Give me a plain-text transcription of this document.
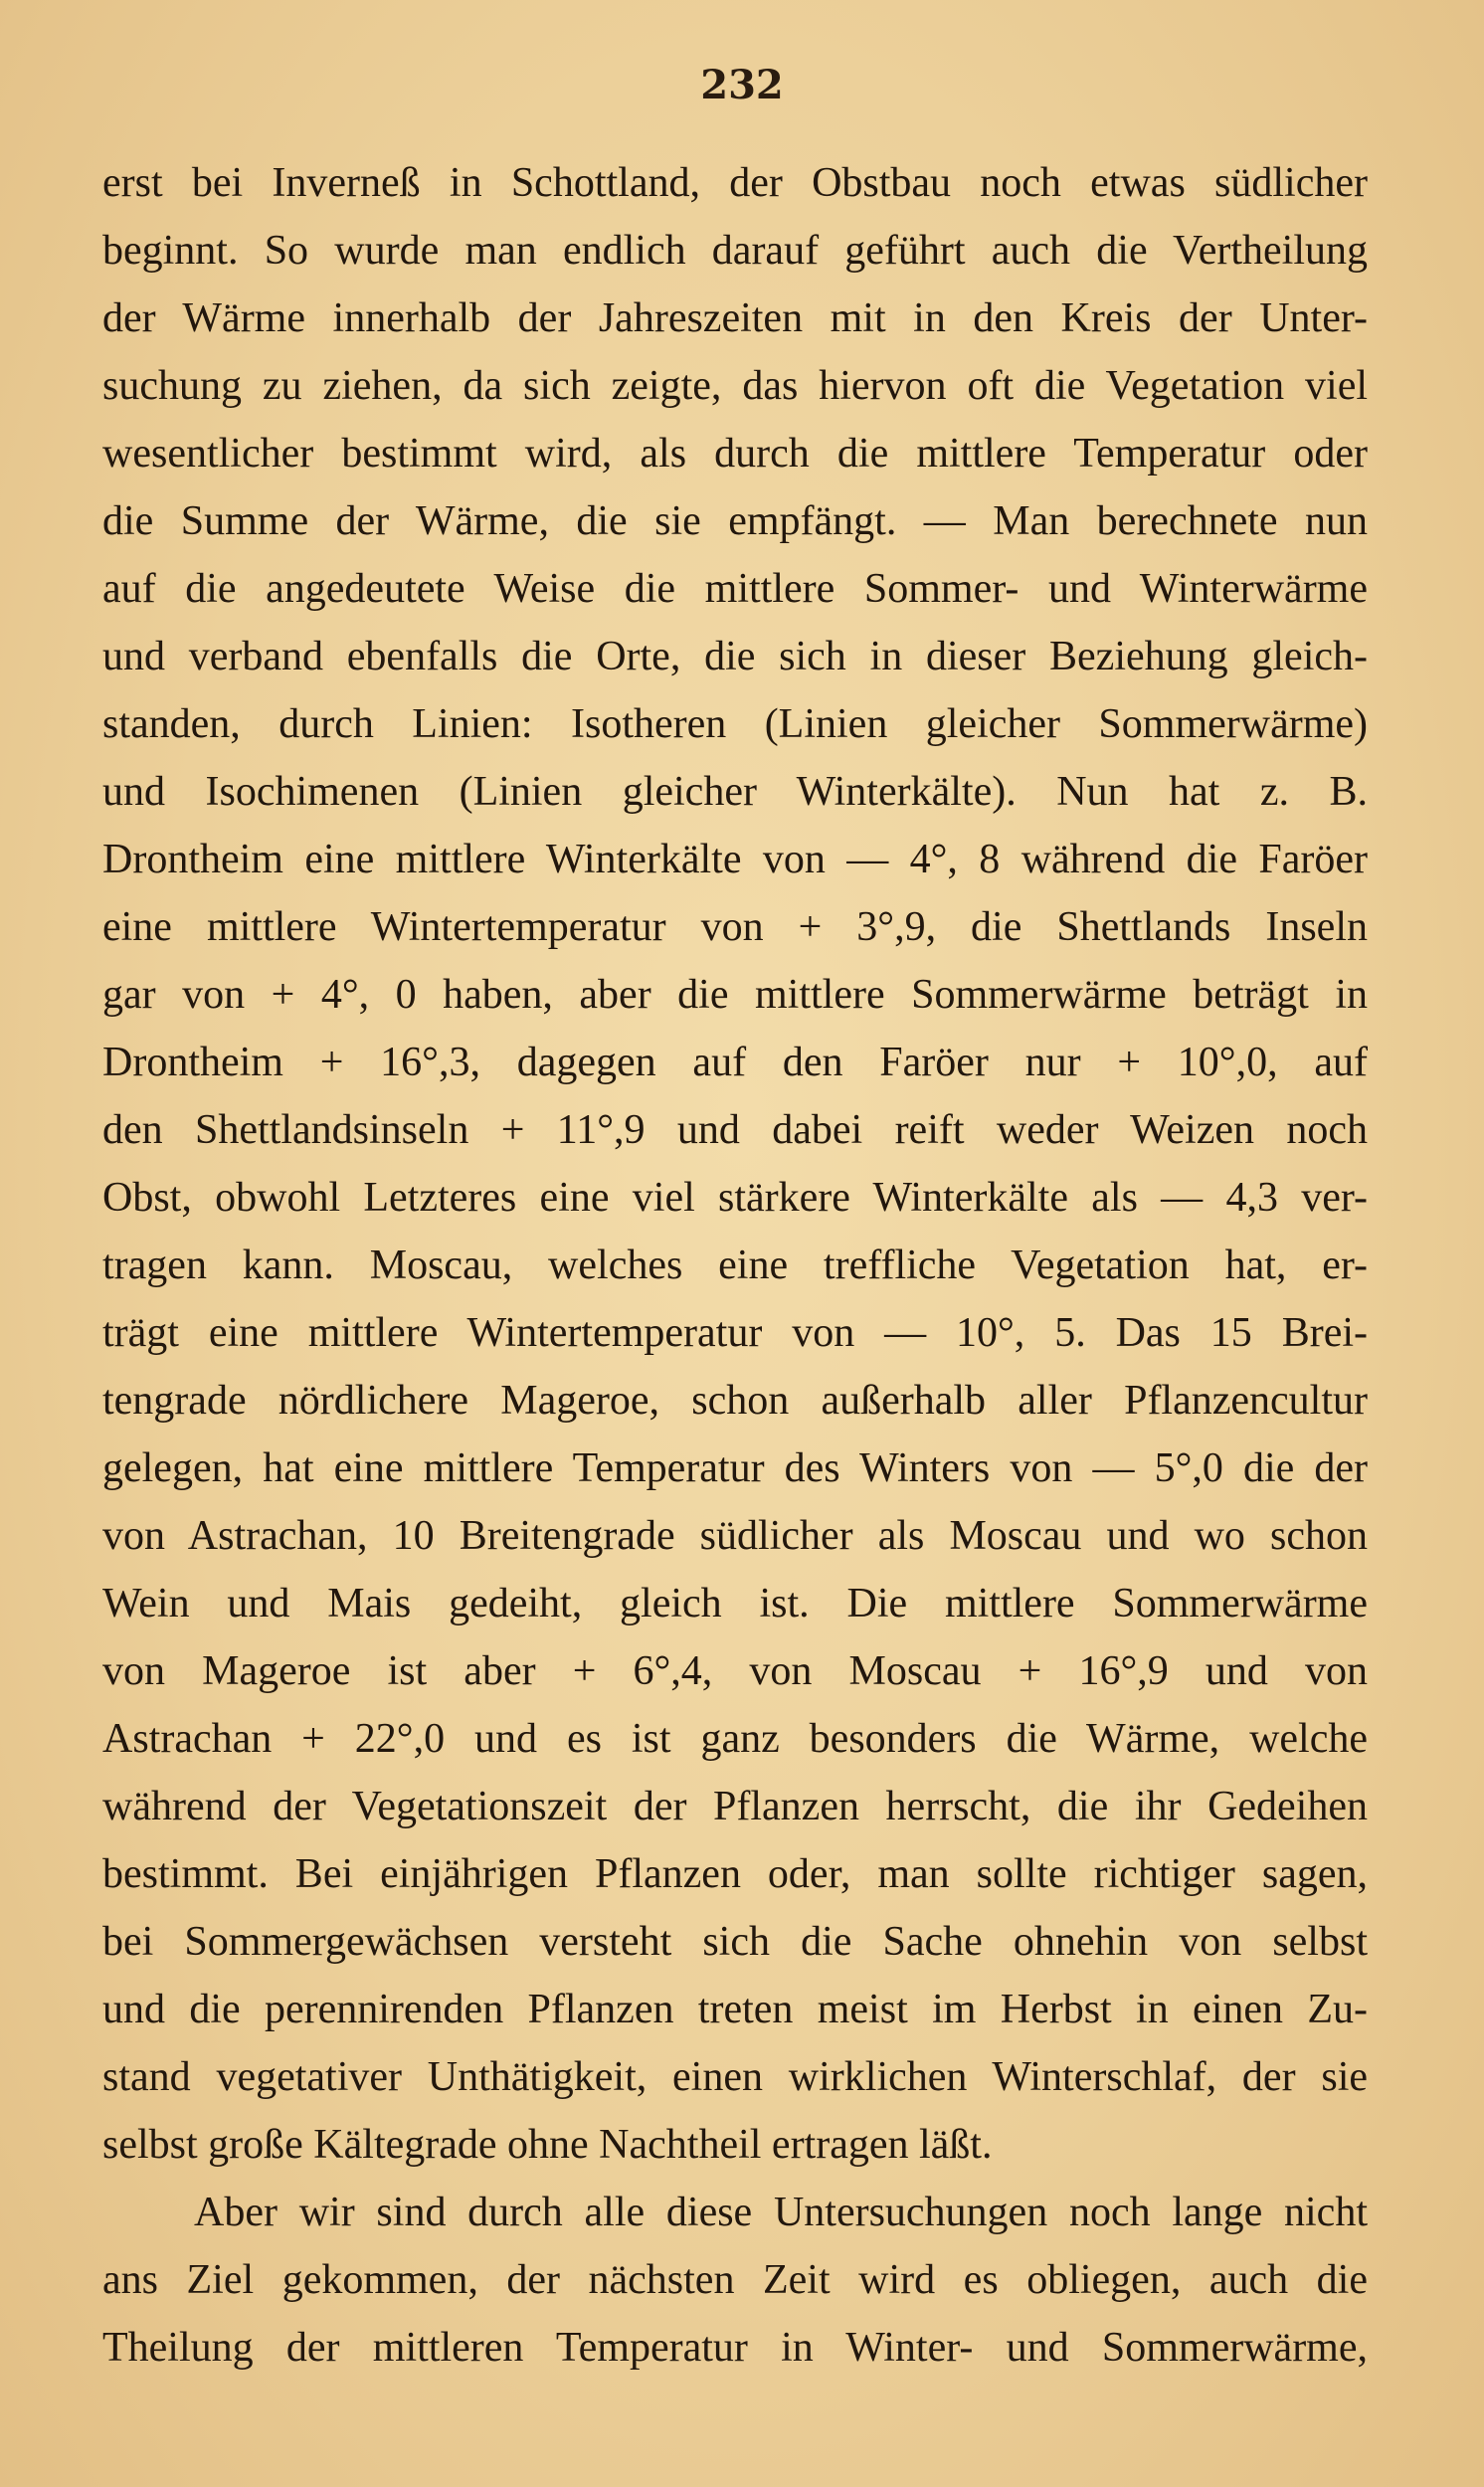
232
erst bei Inverneß in Schottland, der Obstbau noch etwas südlicher
beginnt. So wurde man endlich darauf geführt auch die Vertheilung
der Wärme innerhalb der Jahreszeiten mit in den Kreis der Unter-
suchung zu ziehen, da sich zeigte, das hiervon oft die Vegetation viel
wesentlicher bestimmt wird, als durch die mittlere Temperatur oder
die Summe der Wärme, die sie empfängt. — Man berechnete nun
auf die angedeutete Weise die mittlere Sommer- und Winterwärme
und verband ebenfalls die Orte, die sich in dieser Beziehung gleich-
standen, durch Linien: Isotheren (Linien gleicher Sommerwärme)
und Isochimenen (Linien gleicher Winterkälte). Nun hat z. B.
Drontheim eine mittlere Winterkälte von — 4°, 8 während die Faröer
eine mittlere Wintertemperatur von + 3°,9, die Shettlands Inseln
gar von + 4°, 0 haben, aber die mittlere Sommerwärme beträgt in
Drontheim + 16°,3, dagegen auf den Faröer nur + 10°,0, auf
den Shettlandsinseln + 11°,9 und dabei reift weder Weizen noch
Obst, obwohl Letzteres eine viel stärkere Winterkälte als — 4,3 ver-
tragen kann. Moscau, welches eine treffliche Vegetation hat, er-
trägt eine mittlere Wintertemperatur von — 10°, 5. Das 15 Brei-
tengrade nördlichere Mageroe, schon außerhalb aller Pflanzencultur
gelegen, hat eine mittlere Temperatur des Winters von — 5°,0 die der
von Astrachan, 10 Breitengrade südlicher als Moscau und wo schon
Wein und Mais gedeiht, gleich ist. Die mittlere Sommerwärme
von Mageroe ist aber + 6°,4, von Moscau + 16°,9 und von
Astrachan + 22°,0 und es ist ganz besonders die Wärme, welche
während der Vegetationszeit der Pflanzen herrscht, die ihr Gedeihen
bestimmt. Bei einjährigen Pflanzen oder, man sollte richtiger sagen,
bei Sommergewächsen versteht sich die Sache ohnehin von selbst
und die perennirenden Pflanzen treten meist im Herbst in einen Zu-
stand vegetativer Unthätigkeit, einen wirklichen Winterschlaf, der sie
selbst große Kältegrade ohne Nachtheil ertragen läßt.
Aber wir sind durch alle diese Untersuchungen noch lange nicht
ans Ziel gekommen, der nächsten Zeit wird es obliegen, auch die
Theilung der mittleren Temperatur in Winter- und Sommerwärme,
